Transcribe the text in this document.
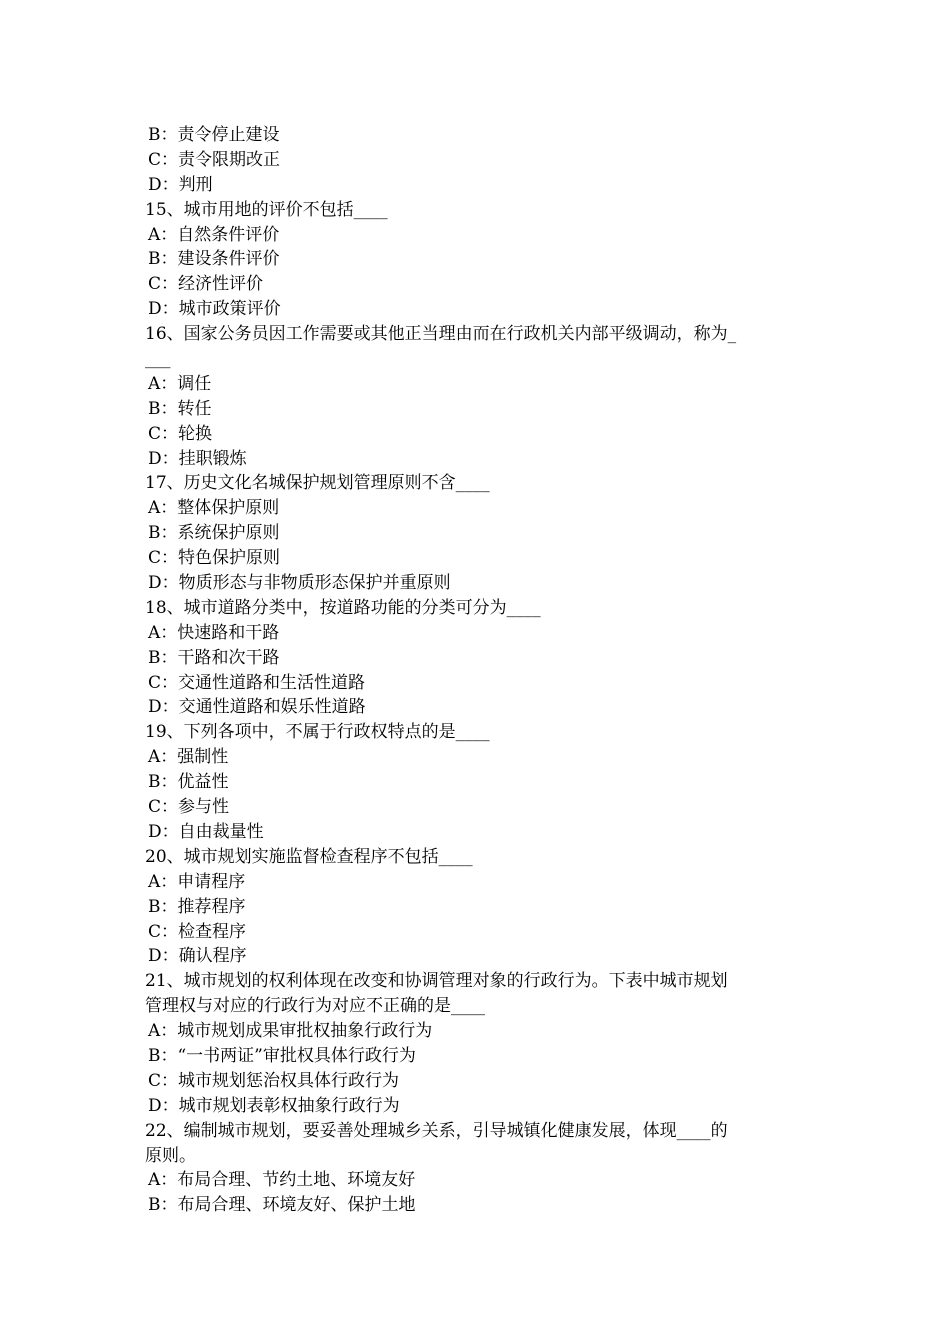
B：责令停止建设
C：责令限期改正
D：判刑
15、城市用地的评价不包括____
A：自然条件评价
B：建设条件评价
C：经济性评价
D：城市政策评价
16、国家公务员因工作需要或其他正当理由而在行政机关内部平级调动，称为_
___
A：调任
B：转任
C：轮换
D：挂职锻炼
17、历史文化名城保护规划管理原则不含____
A：整体保护原则
B：系统保护原则
C：特色保护原则
D：物质形态与非物质形态保护并重原则
18、城市道路分类中，按道路功能的分类可分为____
A：快速路和干路
B：干路和次干路
C：交通性道路和生活性道路
D：交通性道路和娱乐性道路
19、下列各项中，不属于行政权特点的是____
A：强制性
B：优益性
C：参与性
D：自由裁量性
20、城市规划实施监督检查程序不包括____
A：申请程序
B：推荐程序
C：检查程序
D：确认程序
21、城市规划的权利体现在改变和协调管理对象的行政行为。下表中城市规划
管理权与对应的行政行为对应不正确的是____
A：城市规划成果审批权抽象行政行为
B：“一书两证”审批权具体行政行为
C：城市规划惩治权具体行政行为
D：城市规划表彰权抽象行政行为
22、编制城市规划，要妥善处理城乡关系，引导城镇化健康发展，体现____的
原则。
A：布局合理、节约土地、环境友好
B：布局合理、环境友好、保护土地
